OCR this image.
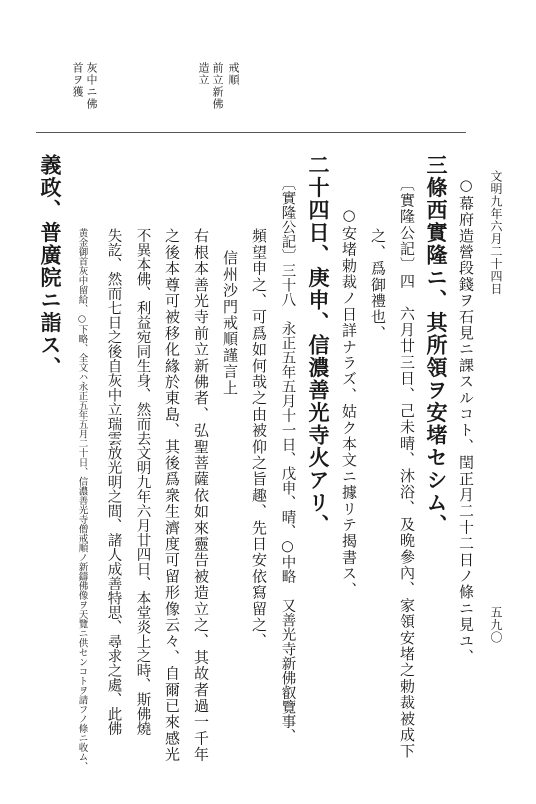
文明九年六月二十四日
五九〇
○幕府造營段錢ヲ石見ニ課スルコト、閏正月二十二日ノ條ニ見ユ、
三條西實隆ニ、其所領ヲ安堵セシム、
〔實隆公記〕四　六月廿三日、己未晴、沐浴、及晩參內、家領安堵之勅裁被成下
之、爲御禮也、
○安堵勅裁ノ日詳ナラズ、姑ク本文ニ據リテ揭書ス、
二十四日、庚申、信濃善光寺火アリ、
〔實隆公記〕三十八　永正五年五月十一日、戊申、晴、○中略　又善光寺新佛叡覽事、
頻望申之、可爲如何哉之由被仰之旨趣、先日安依寫留之、
信州沙門戒順謹言上
右根本善光寺前立新佛者、弘聖菩薩依如來靈告被造立之、其故者過一千年
之後本尊可被移化緣於東島、其後爲衆生濟度可留形像云々、自爾已來感光
不異本佛、利益宛同生身、然而去文明九年六月廿四日、本堂炎上之時、斯佛燒
失訖、然而七日之後自灰中立瑞雲放光明之間、諸人成善特思、尋求之處、此佛
黄金御首灰中留給、○下略、全文ハ永正五年五月二十日、信濃善光寺僧戒順ノ新鑄佛像ヲ天覽ニ供センコトヲ請フノ條ニ收ム、
義政、普廣院ニ詣ス、
戒順
前立新佛
造立
灰中ニ佛
首ヲ獲
